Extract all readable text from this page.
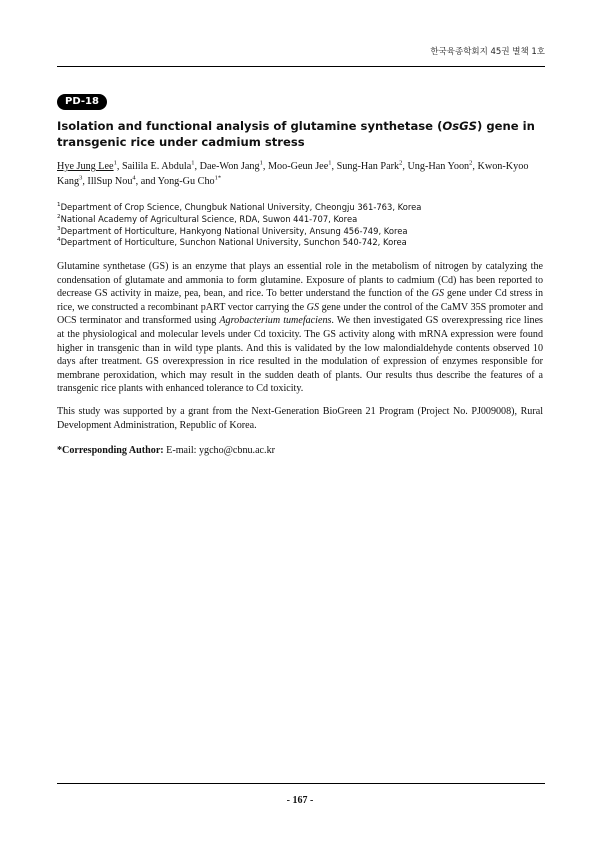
한국육종학회지 45권 별책 1호
PD-18
Isolation and functional analysis of glutamine synthetase (OsGS) gene in transgenic rice under cadmium stress

Hye Jung Lee$^1$, Sailila E. Abdula$^1$, Dae-Won Jang$^1$, Moo-Geun Jee$^1$, Sung-Han Park$^2$, Ung-Han Yoon$^2$, Kwon-Kyoo Kang$^3$, IllSup Nou$^4$, and Yong-Gu Cho$^{1*}$

$^1$Department of Crop Science, Chungbuk National University, Cheongju 361-763, Korea
$^2$National Academy of Agricultural Science, RDA, Suwon 441-707, Korea
$^3$Department of Horticulture, Hankyong National University, Ansung 456-749, Korea
$^4$Department of Horticulture, Sunchon National University, Sunchon 540-742, Korea

Glutamine synthetase (GS) is an enzyme that plays an essential role in the metabolism of nitrogen by catalyzing the condensation of glutamate and ammonia to form glutamine. Exposure of plants to cadmium (Cd) has been reported to decrease GS activity in maize, pea, bean, and rice. To better understand the function of the GS gene under Cd stress in rice, we constructed a recombinant pART vector carrying the GS gene under the control of the CaMV 35S promoter and OCS terminator and transformed using Agrobacterium tumefaciens. We then investigated GS overexpressing rice lines at the physiological and molecular levels under Cd toxicity. The GS activity along with mRNA expression were found higher in transgenic than in wild type plants. And this is validated by the low malondialdehyde contents observed 10 days after treatment. GS overexpression in rice resulted in the modulation of expression of enzymes responsible for membrane peroxidation, which may result in the sudden death of plants. Our results thus describe the features of a transgenic rice plants with enhanced tolerance to Cd toxicity.

This study was supported by a grant from the Next-Generation BioGreen 21 Program (Project No. PJ009008), Rural Development Administration, Republic of Korea.

*Corresponding Author: E-mail: ygcho@cbnu.ac.kr

- 167 -
